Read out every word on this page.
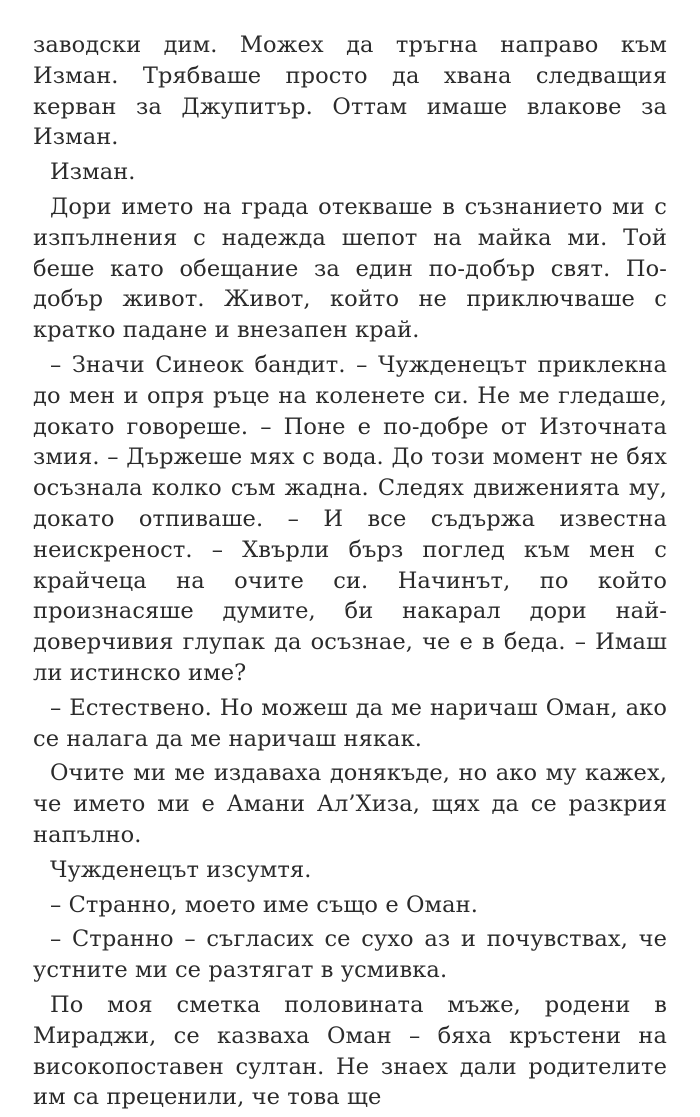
заводски дим. Можех да тръгна направо към Изман. Трябваше просто да хвана следващия керван за Джупитър. Оттам имаше влакове за Изман.

Изман.

Дори името на града отекваше в съзнанието ми с изпълнения с надежда шепот на майка ми. Той беше като обещание за един по-добър свят. По-добър живот. Живот, който не приключваше с кратко падане и внезапен край.

– Значи Синеок бандит. – Чужденецът приклекна до мен и опря ръце на коленете си. Не ме гледаше, докато говореше. – Поне е по-добре от Източната змия. – Държеше мях с вода. До този момент не бях осъзнала колко съм жадна. Следях движенията му, докато отпиваше. – И все съдържа известна неискреност. – Хвърли бърз поглед към мен с крайчеца на очите си. Начинът, по който произнасяше думите, би накарал дори най-доверчивия глупак да осъзнае, че е в беда. – Имаш ли истинско име?

– Естествено. Но можеш да ме наричаш Оман, ако се налага да ме наричаш някак.

Очите ми ме издаваха донякъде, но ако му кажех, че името ми е Амани Ал’Хиза, щях да се разкрия напълно.

Чужденецът изсумтя.

– Странно, моето име също е Оман.

– Странно – съгласих се сухо аз и почувствах, че устните ми се разтягат в усмивка.

По моя сметка половината мъже, родени в Мираджи, се казваха Оман – бяха кръстени на високопоставен султан. Не знаех дали родителите им са преценили, че това ще
